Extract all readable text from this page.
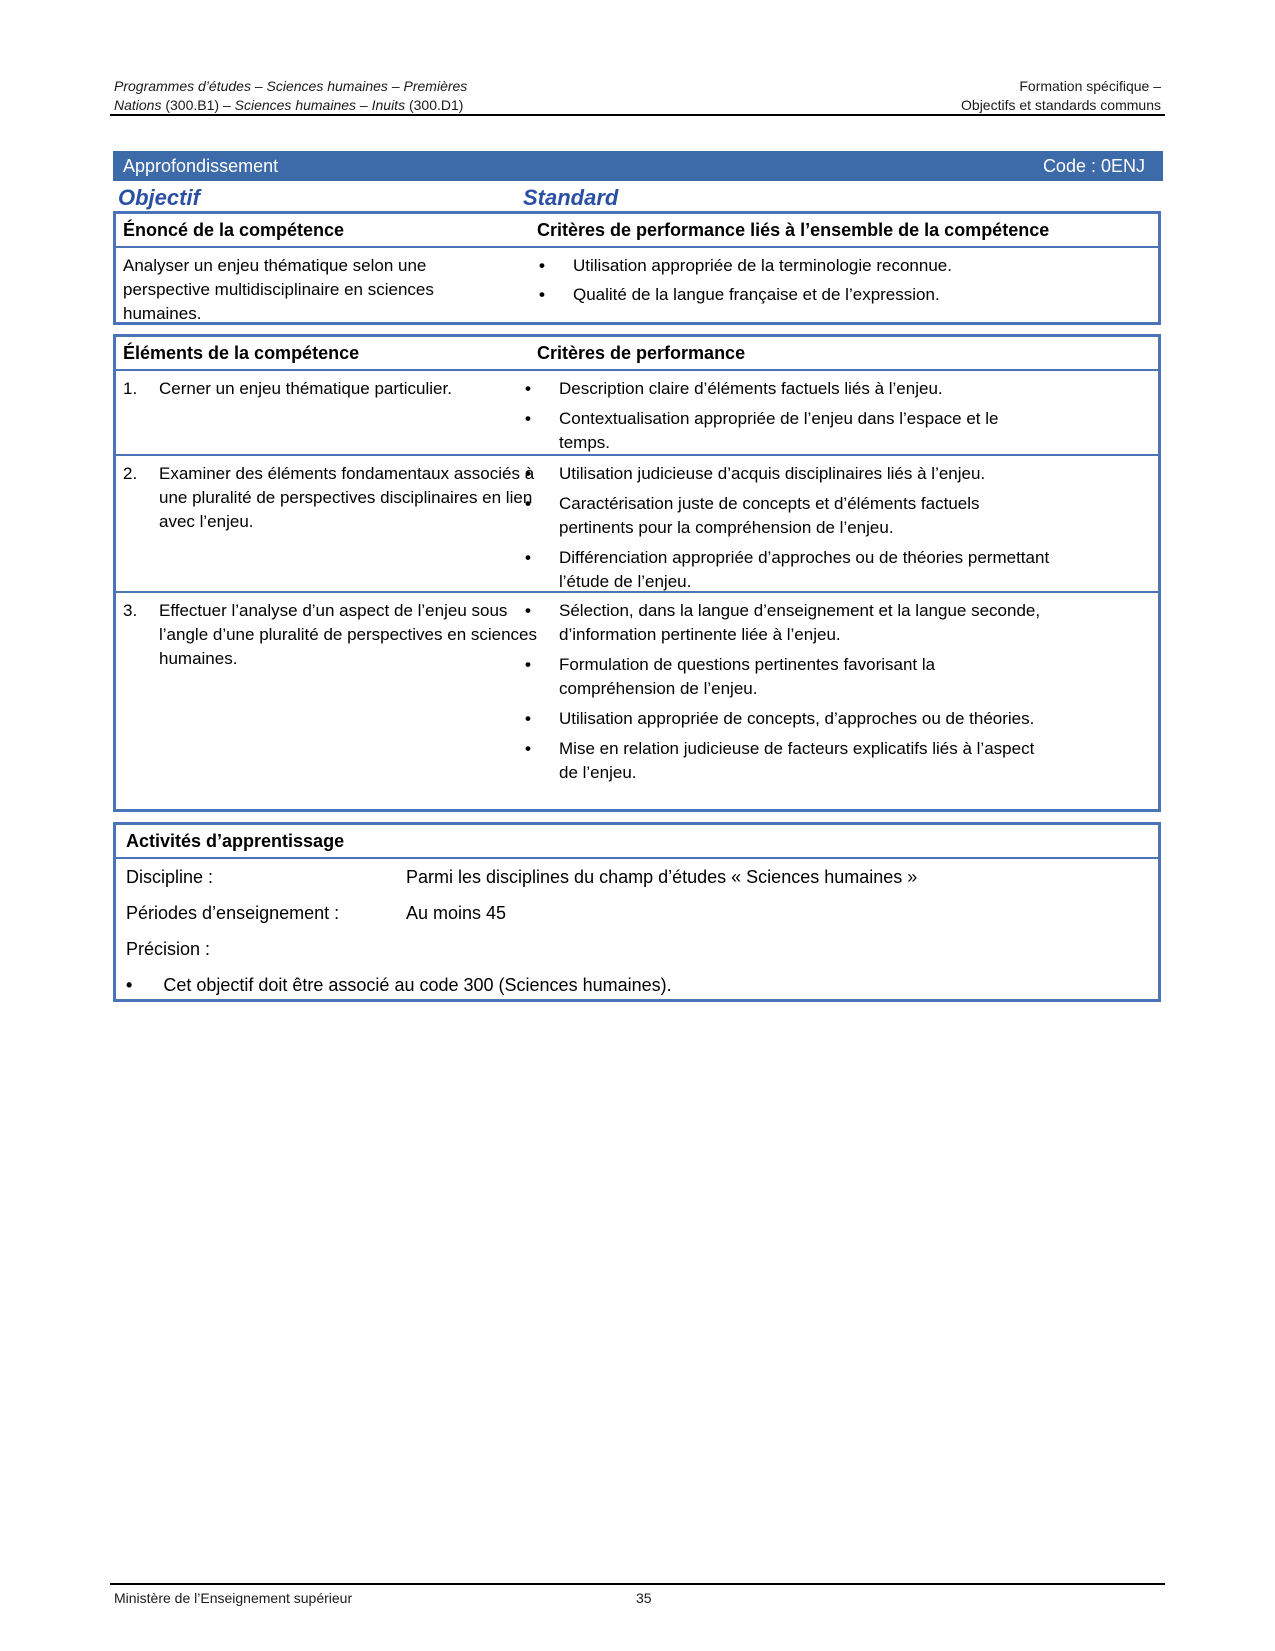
Programmes d’études – Sciences humaines – Premières
Nations (300.B1) – Sciences humaines – Inuits (300.D1)
Formation spécifique –
Objectifs et standards communs
Approfondissement	Code : 0ENJ
Objectif	Standard
Énoncé de la compétence	Critères de performance liés à l’ensemble de la compétence
Analyser un enjeu thématique selon une perspective multidisciplinaire en sciences humaines.
• Utilisation appropriée de la terminologie reconnue.
• Qualité de la langue française et de l’expression.
Éléments de la compétence	Critères de performance
1. Cerner un enjeu thématique particulier.
•	Description claire d’éléments factuels liés à l’enjeu.
• Contextualisation appropriée de l’enjeu dans l’espace et le temps.
2. Examiner des éléments fondamentaux associés à une pluralité de perspectives disciplinaires en lien avec l’enjeu.
• Utilisation judicieuse d’acquis disciplinaires liés à l’enjeu.
• Caractérisation juste de concepts et d’éléments factuels pertinents pour la compréhension de l’enjeu.
• Différenciation appropriée d’approches ou de théories permettant l’étude de l’enjeu.
3. Effectuer l’analyse d’un aspect de l’enjeu sous l’angle d’une pluralité de perspectives en sciences humaines.
• Sélection, dans la langue d’enseignement et la langue seconde, d’information pertinente liée à l’enjeu.
• Formulation de questions pertinentes favorisant la compréhension de l’enjeu.
• Utilisation appropriée de concepts, d’approches ou de théories.
• Mise en relation judicieuse de facteurs explicatifs liés à l’aspect de l’enjeu.
Activités d’apprentissage
Discipline :	Parmi les disciplines du champ d’études « Sciences humaines »
Périodes d’enseignement :	Au moins 45
Précision :
• Cet objectif doit être associé au code 300 (Sciences humaines).
Ministère de l’Enseignement supérieur	35
